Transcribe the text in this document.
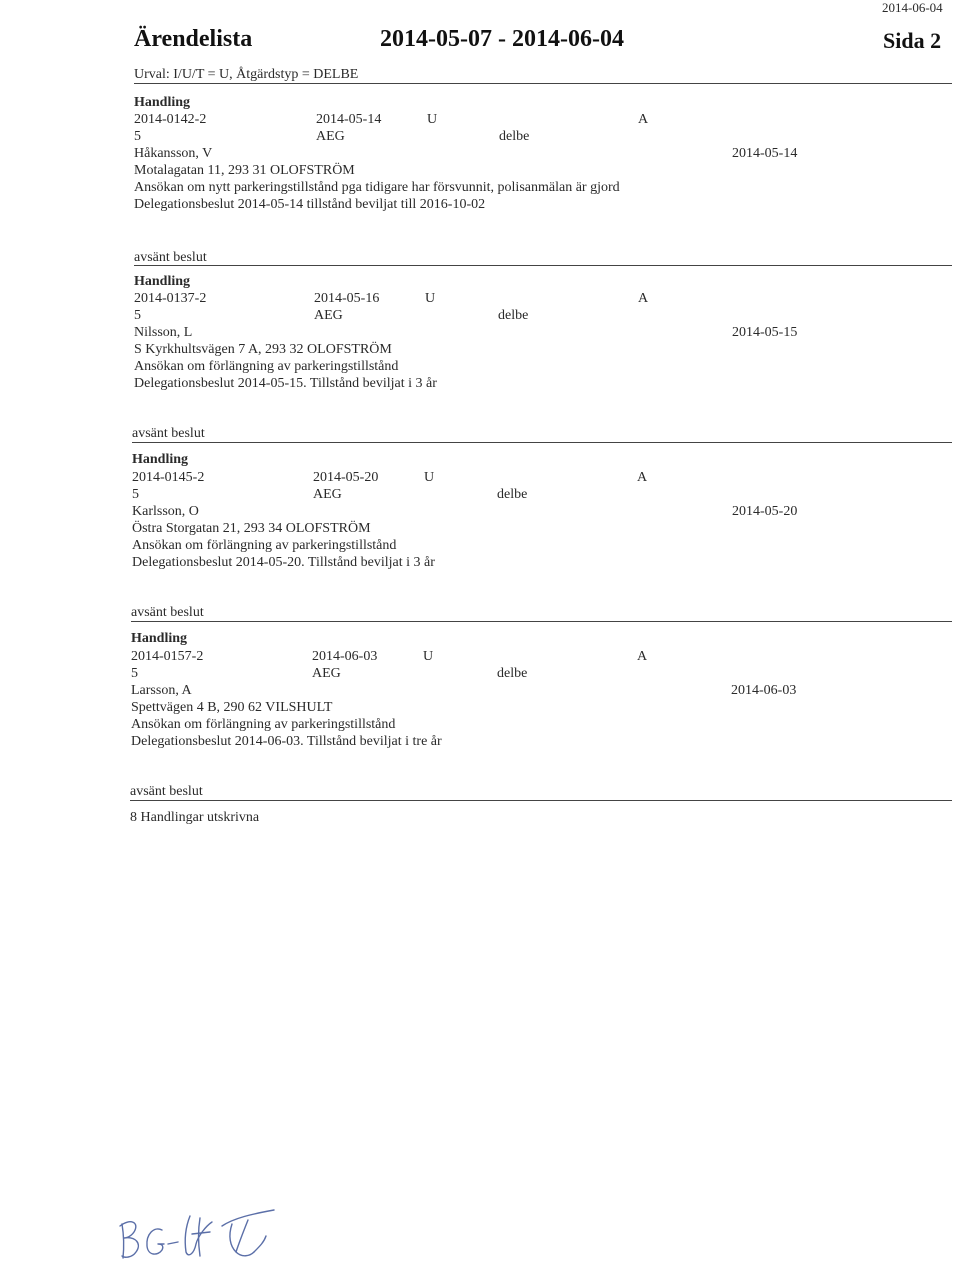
2014-06-04
Ärendelista	2014-05-07 - 2014-06-04	Sida 2
Urval: I/U/T = U, Åtgärdstyp = DELBE
Handling
2014-0142-2	2014-05-14	U	A
5	AEG	delbe
Håkansson, V	2014-05-14
Motalagatan 11, 293 31 OLOFSTRÖM
Ansökan om nytt parkeringstillstånd pga tidigare har försvunnit, polisanmälan är gjord
Delegationsbeslut 2014-05-14 tillstånd beviljat till 2016-10-02
avsänt beslut
Handling
2014-0137-2	2014-05-16	U	A
5	AEG	delbe
Nilsson, L	2014-05-15
S Kyrkhultsvägen 7 A, 293 32 OLOFSTRÖM
Ansökan om förlängning av parkeringstillstånd
Delegationsbeslut 2014-05-15. Tillstånd beviljat i 3 år
avsänt beslut
Handling
2014-0145-2	2014-05-20	U	A
5	AEG	delbe
Karlsson, O	2014-05-20
Östra Storgatan 21, 293 34 OLOFSTRÖM
Ansökan om förlängning av parkeringstillstånd
Delegationsbeslut 2014-05-20. Tillstånd beviljat i 3 år
avsänt beslut
Handling
2014-0157-2	2014-06-03	U	A
5	AEG	delbe
Larsson, A	2014-06-03
Spettvägen 4 B, 290 62 VILSHULT
Ansökan om förlängning av parkeringstillstånd
Delegationsbeslut 2014-06-03. Tillstånd beviljat i tre år
avsänt beslut
8 Handlingar utskrivna
